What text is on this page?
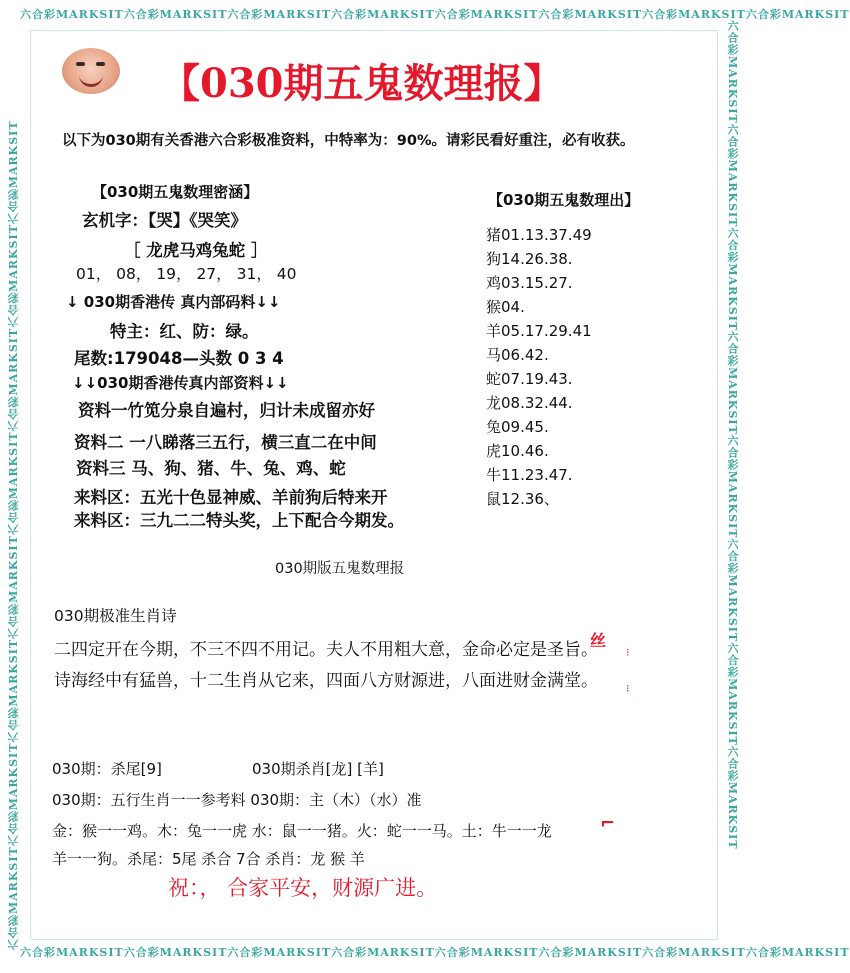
六合彩MARKSIT六合彩MARKSIT六合彩MARKSIT六合彩MARKSIT六合彩MARKSIT六合彩MARKSIT六合彩MARKSIT六合彩MARKSIT
六合彩MARKSIT六合彩MARKSIT六合彩MARKSIT六合彩MARKSIT六合彩MARKSIT六合彩MARKSIT六合彩MARKSIT六合彩MARKSIT
六合彩MARKSIT六合彩MARKSIT六合彩MARKSIT六合彩MARKSIT六合彩MARKSIT六合彩MARKSIT六合彩MARKSIT六合彩MARKSIT	六合彩MARKSIT六合彩MARKSIT六合彩MARKSIT六合彩MARKSIT六合彩MARKSIT六合彩MARKSIT六合彩MARKSIT六合彩MARKSIT
【030期五鬼数理报】
以下为030期有关香港六合彩极准资料，中特率为：90%。请彩民看好重注，必有收获。
【030期五鬼数理密涵】
玄机字：【哭】《哭笑》
［ 龙虎马鸡兔蛇 ］
01， 08， 19， 27， 31， 40
↓ 030期香港传 真内部码料↓↓
特主：红、防：绿。
尾数:179048—头数 0 3 4
↓↓030期香港传真内部资料↓↓
资料一竹笕分泉自遍村，归计未成留亦好
资料二 一八睇落三五行，横三直二在中间
资料三 马、狗、猪、牛、兔、鸡、蛇
来料区：五光十色显神威、羊前狗后特来开
来料区：三九二二特头奖，上下配合今期发。
【030期五鬼数理出】
猪01.13.37.49
狗14.26.38.
鸡03.15.27.
猴04.
羊05.17.29.41
马06.42.
蛇07.19.43.
龙08.32.44.
兔09.45.
虎10.46.
牛11.23.47.
鼠12.36、
030期版五鬼数理报
030期极准生肖诗
二四定开在今期，不三不四不用记。夫人不用粗大意，金命必定是圣旨。
诗海经中有猛兽，十二生肖从它来，四面八方财源进，八面进财金满堂。
丝
⁝
⁝
030期：杀尾[9]	030期杀肖[龙] [羊]
030期：五行生肖一一参考料 030期：主（木）（水）准
金：猴一一鸡。木：兔一一虎 水：鼠一一猪。火：蛇一一马。土：牛一一龙	⌐
羊一一狗。杀尾：5尾 杀合 7合 杀肖：龙 猴 羊
祝：， 合家平安，财源广进。
